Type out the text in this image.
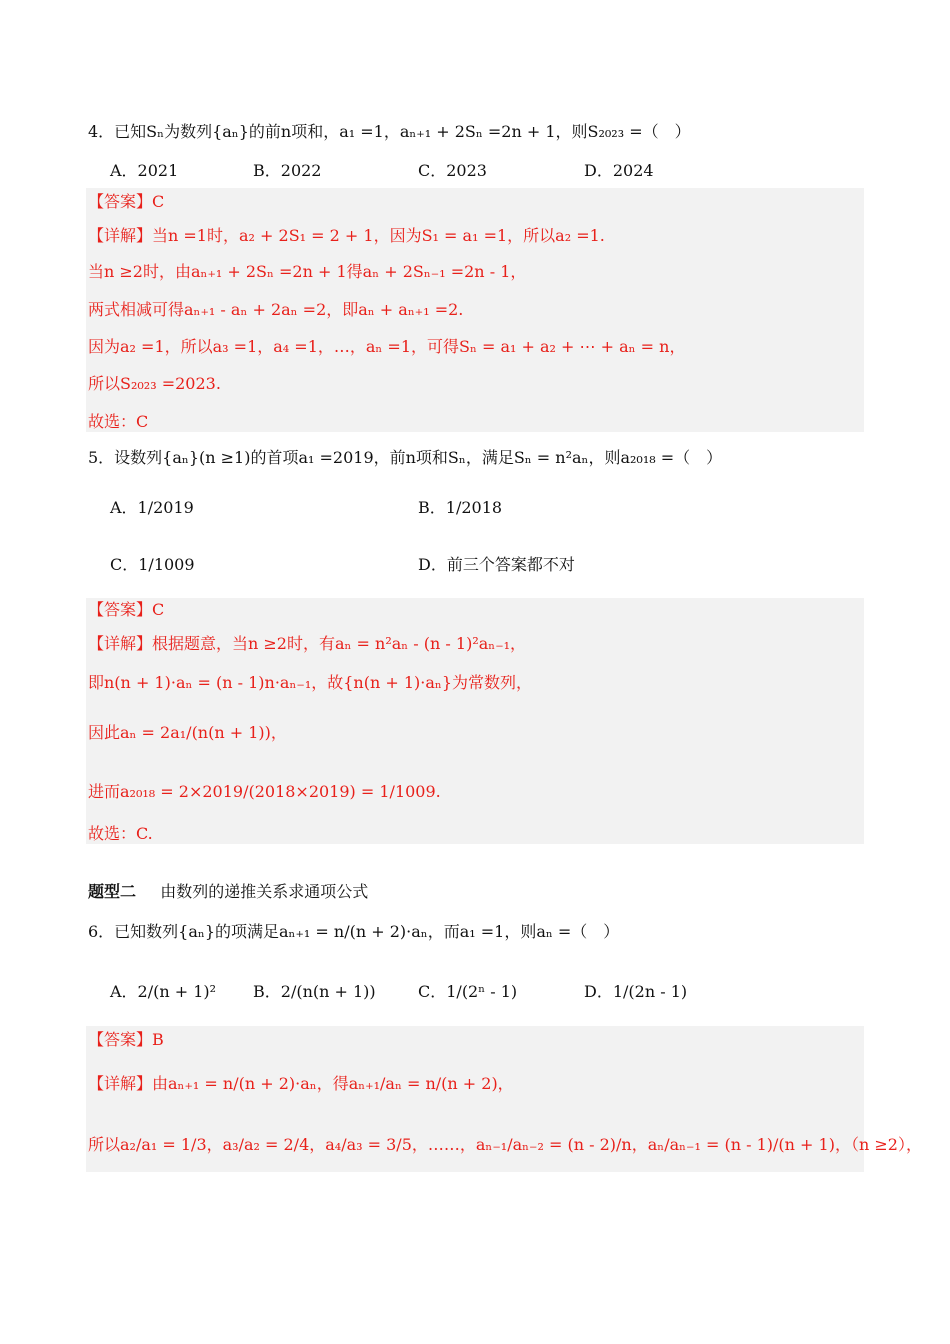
4．已知Sₙ为数列{aₙ}的前n项和，a₁ =1，aₙ₊₁ + 2Sₙ =2n + 1，则S₂₀₂₃ =（　）
A．2021	B．2022	C．2023	D．2024
【答案】C
【详解】当n =1时，a₂ + 2S₁ = 2 + 1，因为S₁ = a₁ =1，所以a₂ =1.
当n ≥2时，由aₙ₊₁ + 2Sₙ =2n + 1得aₙ + 2Sₙ₋₁ =2n - 1，
两式相减可得aₙ₊₁ - aₙ + 2aₙ =2，即aₙ + aₙ₊₁ =2.
因为a₂ =1，所以a₃ =1，a₄ =1，…，aₙ =1，可得Sₙ = a₁ + a₂ + ⋯ + aₙ = n，
所以S₂₀₂₃ =2023.
故选：C
5．设数列{aₙ}(n ≥1)的首项a₁ =2019，前n项和Sₙ，满足Sₙ = n²aₙ，则a₂₀₁₈ =（　）
A．1/2019	B．1/2018
C．1/1009	D．前三个答案都不对
【答案】C
【详解】根据题意，当n ≥2时，有aₙ = n²aₙ - (n - 1)²aₙ₋₁，
即n(n + 1)·aₙ = (n - 1)n·aₙ₋₁，故{n(n + 1)·aₙ}为常数列，
因此aₙ = 2a₁/(n(n + 1))，
进而a₂₀₁₈ = 2×2019/(2018×2019) = 1/1009.
故选：C.
题型二 由数列的递推关系求通项公式
6．已知数列{aₙ}的项满足aₙ₊₁ = n/(n + 2)·aₙ，而a₁ =1，则aₙ =（　）
A．2/(n + 1)² B．2/(n(n + 1))	C．1/(2ⁿ - 1)	D．1/(2n - 1)
【答案】B
【详解】由aₙ₊₁ = n/(n + 2)·aₙ，得aₙ₊₁/aₙ = n/(n + 2)，
所以a₂/a₁ = 1/3，a₃/a₂ = 2/4，a₄/a₃ = 3/5，……，aₙ₋₁/aₙ₋₂ = (n - 2)/n，aₙ/aₙ₋₁ = (n - 1)/(n + 1)，（n ≥2），
